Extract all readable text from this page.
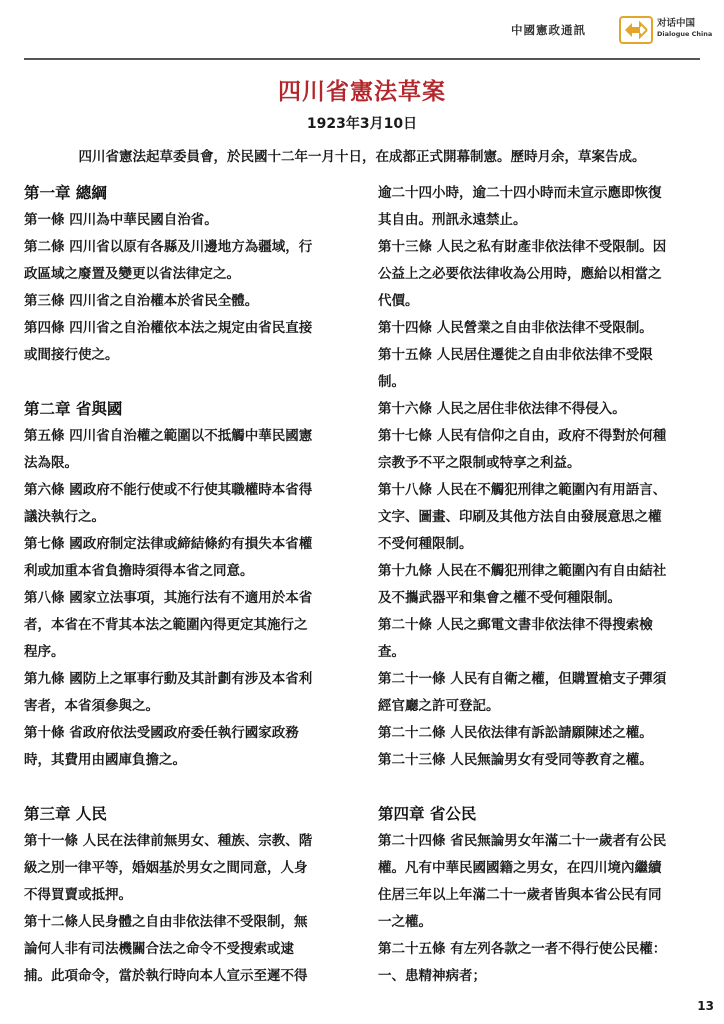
中國憲政通訊	对话中国
Dialogue China
四川省憲法草案
1923年3月10日
四川省憲法起草委員會，於民國十二年一月十日，在成都正式開幕制憲。歷時月余，草案告成。
第一章 總綱
第一條 四川為中華民國自治省。
第二條 四川省以原有各縣及川邊地方為疆域，行
政區域之廢置及變更以省法律定之。
第三條 四川省之自治權本於省民全體。
第四條 四川省之自治權依本法之規定由省民直接
或間接行使之。
第二章 省與國
第五條 四川省自治權之範圍以不抵觸中華民國憲
法為限。
第六條 國政府不能行使或不行使其職權時本省得
議決執行之。
第七條 國政府制定法律或締結條約有損失本省權
利或加重本省負擔時須得本省之同意。
第八條 國家立法事項，其施行法有不適用於本省
者，本省在不背其本法之範圍內得更定其施行之
程序。
第九條 國防上之軍事行動及其計劃有涉及本省利
害者，本省須參與之。
第十條 省政府依法受國政府委任執行國家政務
時，其費用由國庫負擔之。
第三章 人民
第十一條 人民在法律前無男女、種族、宗教、階
級之別一律平等，婚姻基於男女之間同意，人身
不得買賣或抵押。
第十二條人民身體之自由非依法律不受限制，無
論何人非有司法機關合法之命令不受搜索或逮
捕。此項命令，當於執行時向本人宣示至遲不得
逾二十四小時，逾二十四小時而未宣示應即恢復
其自由。刑訊永遠禁止。
第十三條 人民之私有財產非依法律不受限制。因
公益上之必要依法律收為公用時，應給以相當之
代價。
第十四條 人民營業之自由非依法律不受限制。
第十五條 人民居住遷徙之自由非依法律不受限
制。
第十六條 人民之居住非依法律不得侵入。
第十七條 人民有信仰之自由，政府不得對於何種
宗教予不平之限制或特享之利益。
第十八條 人民在不觸犯刑律之範圍內有用語言、
文字、圖畫、印刷及其他方法自由發展意思之權
不受何種限制。
第十九條 人民在不觸犯刑律之範圍內有自由結社
及不攜武器平和集會之權不受何種限制。
第二十條 人民之郵電文書非依法律不得搜索檢
查。
第二十一條 人民有自衛之權，但購置槍支子彈須
經官廳之許可登記。
第二十二條 人民依法律有訴訟請願陳述之權。
第二十三條 人民無論男女有受同等教育之權。
第四章 省公民
第二十四條 省民無論男女年滿二十一歲者有公民
權。凡有中華民國國籍之男女，在四川境內繼續
住居三年以上年滿二十一歲者皆與本省公民有同
一之權。
第二十五條 有左列各款之一者不得行使公民權：
一、患精神病者；
13
